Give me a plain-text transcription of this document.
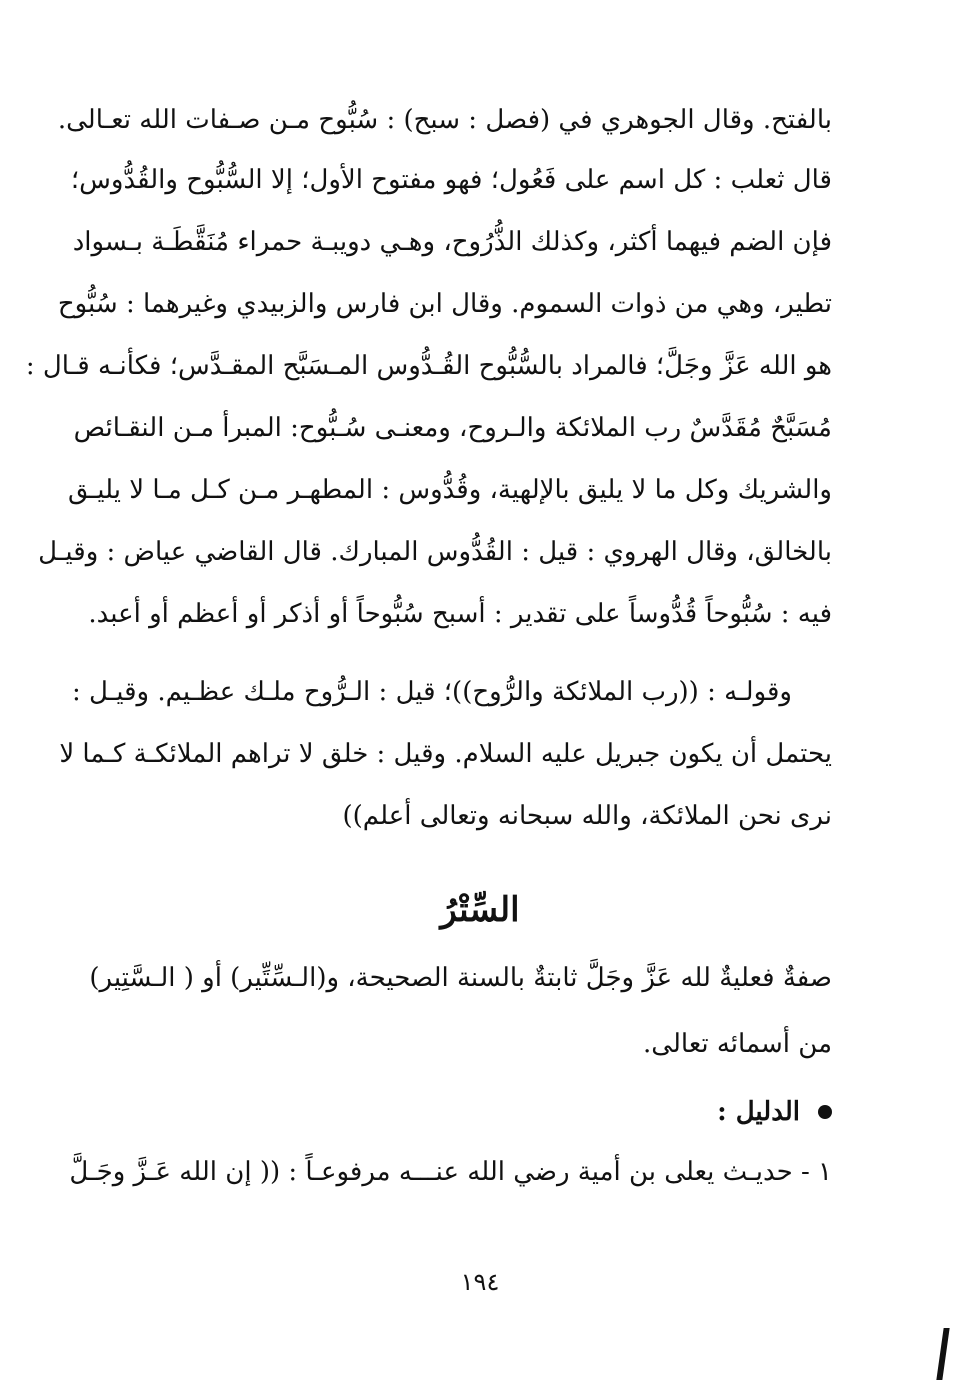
بالفتح. وقال الجوهري في (فصل : سبح) : سُبُّوح مـن صـفات الله تعـالى.
قال ثعلب : كل اسم على فَعُول؛ فهو مفتوح الأول؛ إلا السُّبُّوح والقُدُّوس؛
فإن الضم فيهما أكثر، وكذلك الذُّرُوح، وهـي دويبـة حمراء مُنَقَّطَـة بـسواد
تطير، وهي من ذوات السموم. وقال ابن فارس والزبيدي وغيرهما : سُبُّوح
هو الله عَزَّ وجَلَّ؛ فالمراد بالسُّبُّوح القُـدُّوس المـسَبَّح المقـدَّس؛ فكأنـه قـال :
مُسَبَّحٌ مُقَدَّسٌ رب الملائكة والـروح، ومعنـى سُـبُّوح: المبرأ مـن النقـائص
والشريك وكل ما لا يليق بالإلهية، وقُدُّوس : المطهـر مـن كـل مـا لا يليـق
بالخالق، وقال الهروي : قيل : القُدُّوس المبارك. قال القاضي عياض : وقيـل
فيه : سُبُّوحاً قُدُّوساً على تقدير : أسبح سُبُّوحاً أو أذكر أو أعظم أو أعبد.
وقولـه : ((رب الملائكة والرُّوح))؛ قيل : الـرُّوح ملـك عظـيم. وقيـل :
يحتمل أن يكون جبريل عليه السلام. وقيل : خلق لا تراهم الملائكـة كـما لا
نرى نحن الملائكة، والله سبحانه وتعالى أعلم))
السِّتْرُ
صفةٌ فعليةٌ لله عَزَّ وجَلَّ ثابتةٌ بالسنة الصحيحة، و(الـسِّتِّير) أو ( الـسَّتِير)
من أسمائه تعالى.
الدليل :
١ - حديـث يعلى بن أمية رضي الله عنـــه مرفوعـاً : (( إن الله عَـزَّ وجَـلَّ
١٩٤
